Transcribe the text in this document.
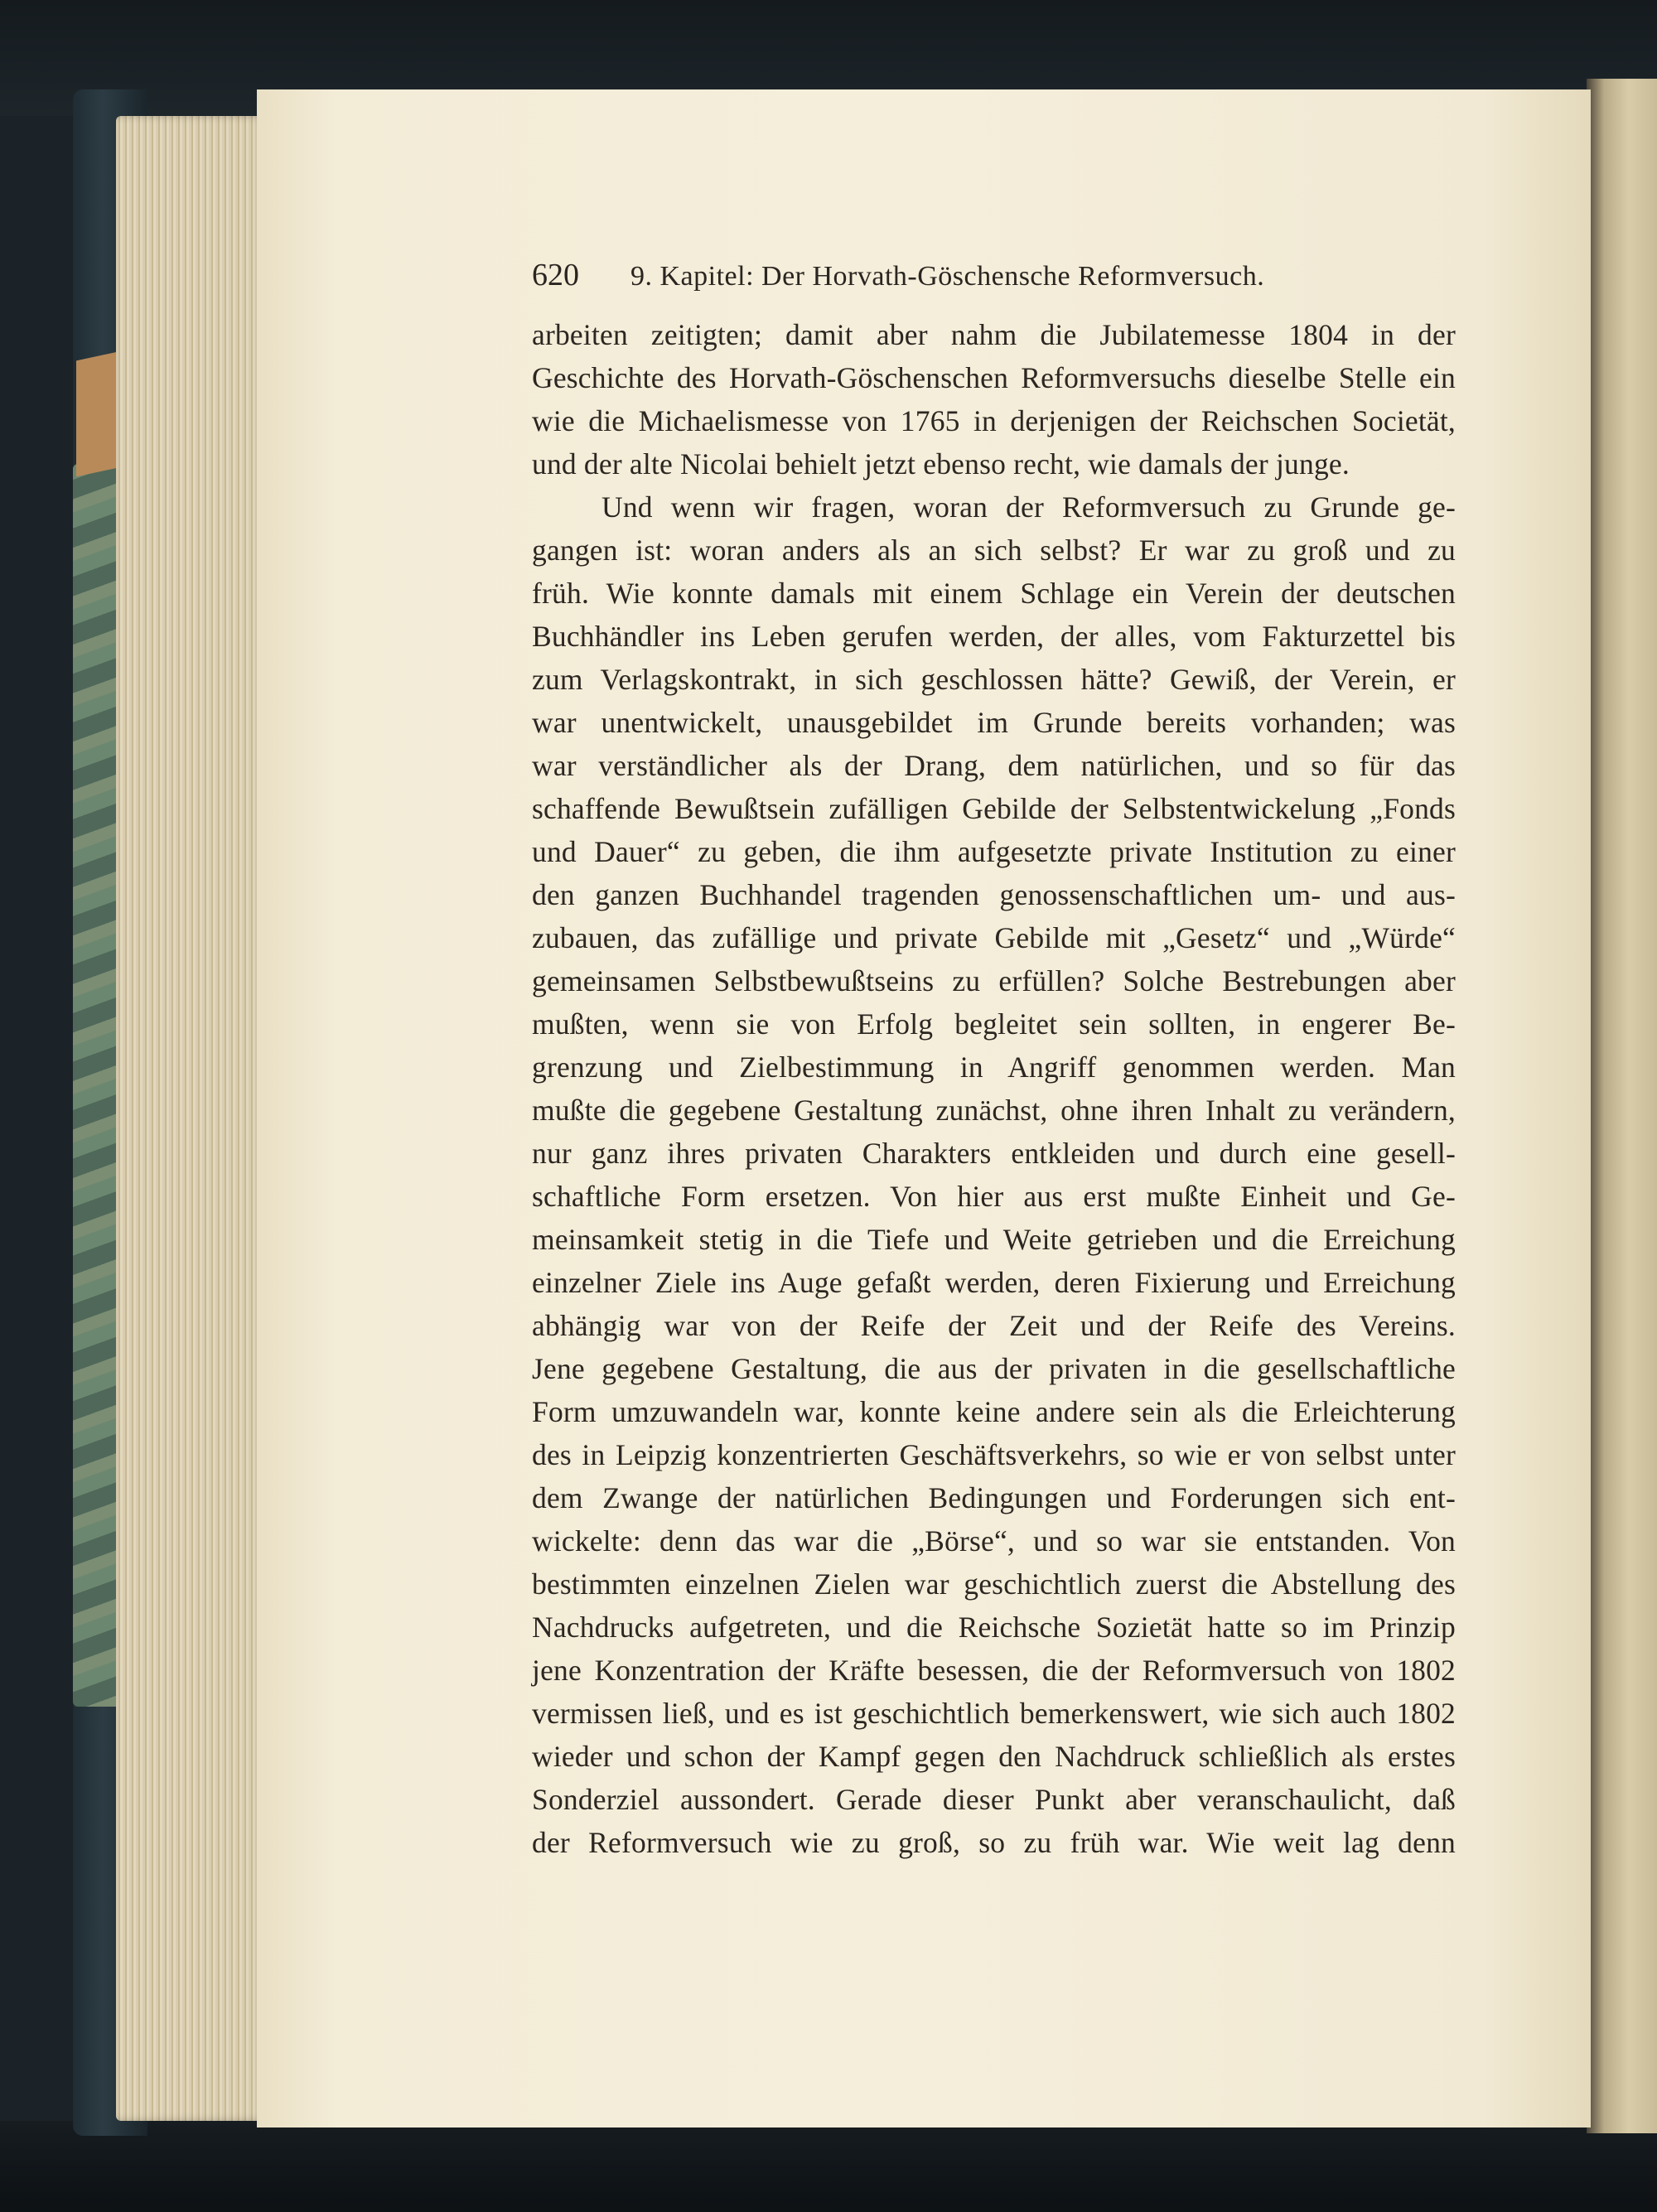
620 9. Kapitel: Der Horvath-Göschensche Reformversuch.
arbeiten zeitigten; damit aber nahm die Jubilatemesse 1804 in der
Geschichte des Horvath-Göschenschen Reformversuchs dieselbe Stelle ein
wie die Michaelismesse von 1765 in derjenigen der Reichschen Societät,
und der alte Nicolai behielt jetzt ebenso recht, wie damals der junge.
Und wenn wir fragen, woran der Reformversuch zu Grunde ge-
gangen ist: woran anders als an sich selbst? Er war zu groß und zu
früh. Wie konnte damals mit einem Schlage ein Verein der deutschen
Buchhändler ins Leben gerufen werden, der alles, vom Fakturzettel bis
zum Verlagskontrakt, in sich geschlossen hätte? Gewiß, der Verein, er
war unentwickelt, unausgebildet im Grunde bereits vorhanden; was
war verständlicher als der Drang, dem natürlichen, und so für das
schaffende Bewußtsein zufälligen Gebilde der Selbstentwickelung „Fonds
und Dauer“ zu geben, die ihm aufgesetzte private Institution zu einer
den ganzen Buchhandel tragenden genossenschaftlichen um- und aus-
zubauen, das zufällige und private Gebilde mit „Gesetz“ und „Würde“
gemeinsamen Selbstbewußtseins zu erfüllen? Solche Bestrebungen aber
mußten, wenn sie von Erfolg begleitet sein sollten, in engerer Be-
grenzung und Zielbestimmung in Angriff genommen werden. Man
mußte die gegebene Gestaltung zunächst, ohne ihren Inhalt zu verändern,
nur ganz ihres privaten Charakters entkleiden und durch eine gesell-
schaftliche Form ersetzen. Von hier aus erst mußte Einheit und Ge-
meinsamkeit stetig in die Tiefe und Weite getrieben und die Erreichung
einzelner Ziele ins Auge gefaßt werden, deren Fixierung und Erreichung
abhängig war von der Reife der Zeit und der Reife des Vereins.
Jene gegebene Gestaltung, die aus der privaten in die gesellschaftliche
Form umzuwandeln war, konnte keine andere sein als die Erleichterung
des in Leipzig konzentrierten Geschäftsverkehrs, so wie er von selbst unter
dem Zwange der natürlichen Bedingungen und Forderungen sich ent-
wickelte: denn das war die „Börse“, und so war sie entstanden. Von
bestimmten einzelnen Zielen war geschichtlich zuerst die Abstellung des
Nachdrucks aufgetreten, und die Reichsche Sozietät hatte so im Prinzip
jene Konzentration der Kräfte besessen, die der Reformversuch von 1802
vermissen ließ, und es ist geschichtlich bemerkenswert, wie sich auch 1802
wieder und schon der Kampf gegen den Nachdruck schließlich als erstes
Sonderziel aussondert. Gerade dieser Punkt aber veranschaulicht, daß
der Reformversuch wie zu groß, so zu früh war. Wie weit lag denn
